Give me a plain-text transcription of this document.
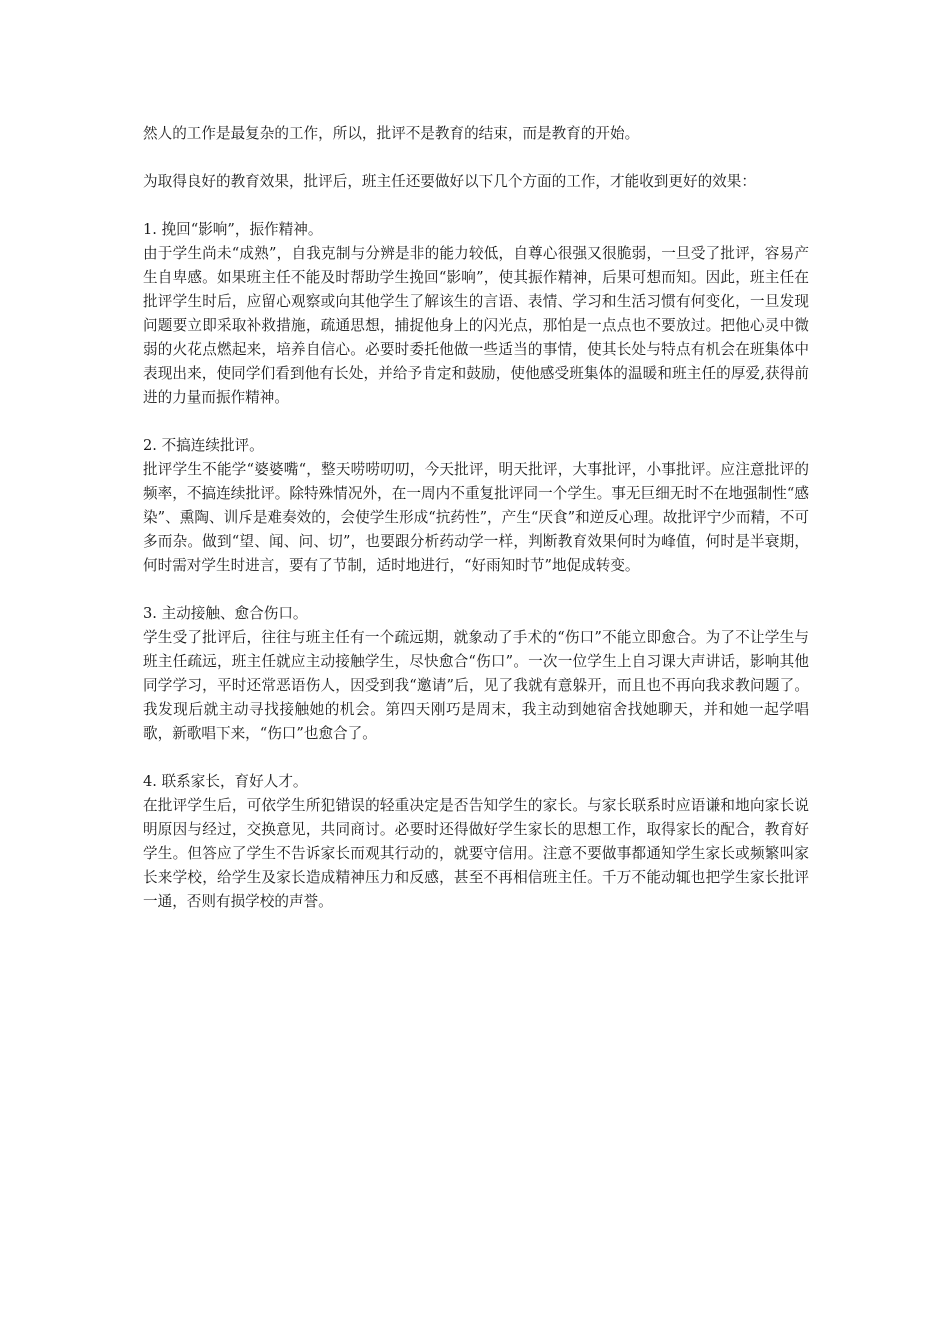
然人的工作是最复杂的工作，所以，批评不是教育的结束，而是教育的开始。

为取得良好的教育效果，批评后，班主任还要做好以下几个方面的工作，才能收到更好的效果：

1. 挽回“影响”，振作精神。

由于学生尚未“成熟”，自我克制与分辨是非的能力较低，自尊心很强又很脆弱，一旦受了批评，容易产生自卑感。如果班主任不能及时帮助学生挽回“影响”，使其振作精神，后果可想而知。因此，班主任在批评学生时后，应留心观察或向其他学生了解该生的言语、表情、学习和生活习惯有何变化，一旦发现问题要立即采取补救措施，疏通思想，捕捉他身上的闪光点，那怕是一点点也不要放过。把他心灵中微弱的火花点燃起来，培养自信心。必要时委托他做一些适当的事情，使其长处与特点有机会在班集体中表现出来，使同学们看到他有长处，并给予肯定和鼓励，使他感受班集体的温暖和班主任的厚爱,获得前进的力量而振作精神。

2. 不搞连续批评。

批评学生不能学“婆婆嘴“，整天唠唠叨叨，今天批评，明天批评，大事批评，小事批评。应注意批评的频率，不搞连续批评。除特殊情况外，在一周内不重复批评同一个学生。事无巨细无时不在地强制性“感染”、熏陶、训斥是难奏效的，会使学生形成“抗药性”，产生“厌食”和逆反心理。故批评宁少而精，不可多而杂。做到“望、闻、问、切”，也要跟分析药动学一样，判断教育效果何时为峰值，何时是半衰期，何时需对学生时进言，要有了节制，适时地进行，“好雨知时节”地促成转变。

3. 主动接触、愈合伤口。

学生受了批评后，往往与班主任有一个疏远期，就象动了手术的“伤口”不能立即愈合。为了不让学生与班主任疏远，班主任就应主动接触学生，尽快愈合“伤口”。一次一位学生上自习课大声讲话，影响其他同学学习，平时还常恶语伤人，因受到我“邀请”后，见了我就有意躲开，而且也不再向我求教问题了。我发现后就主动寻找接触她的机会。第四天刚巧是周末，我主动到她宿舍找她聊天，并和她一起学唱歌，新歌唱下来，“伤口”也愈合了。

4. 联系家长，育好人才。

在批评学生后，可依学生所犯错误的轻重决定是否告知学生的家长。与家长联系时应语谦和地向家长说明原因与经过，交换意见，共同商讨。必要时还得做好学生家长的思想工作，取得家长的配合，教育好学生。但答应了学生不告诉家长而观其行动的，就要守信用。注意不要做事都通知学生家长或频繁叫家长来学校，给学生及家长造成精神压力和反感，甚至不再相信班主任。千万不能动辄也把学生家长批评一通，否则有损学校的声誉。
